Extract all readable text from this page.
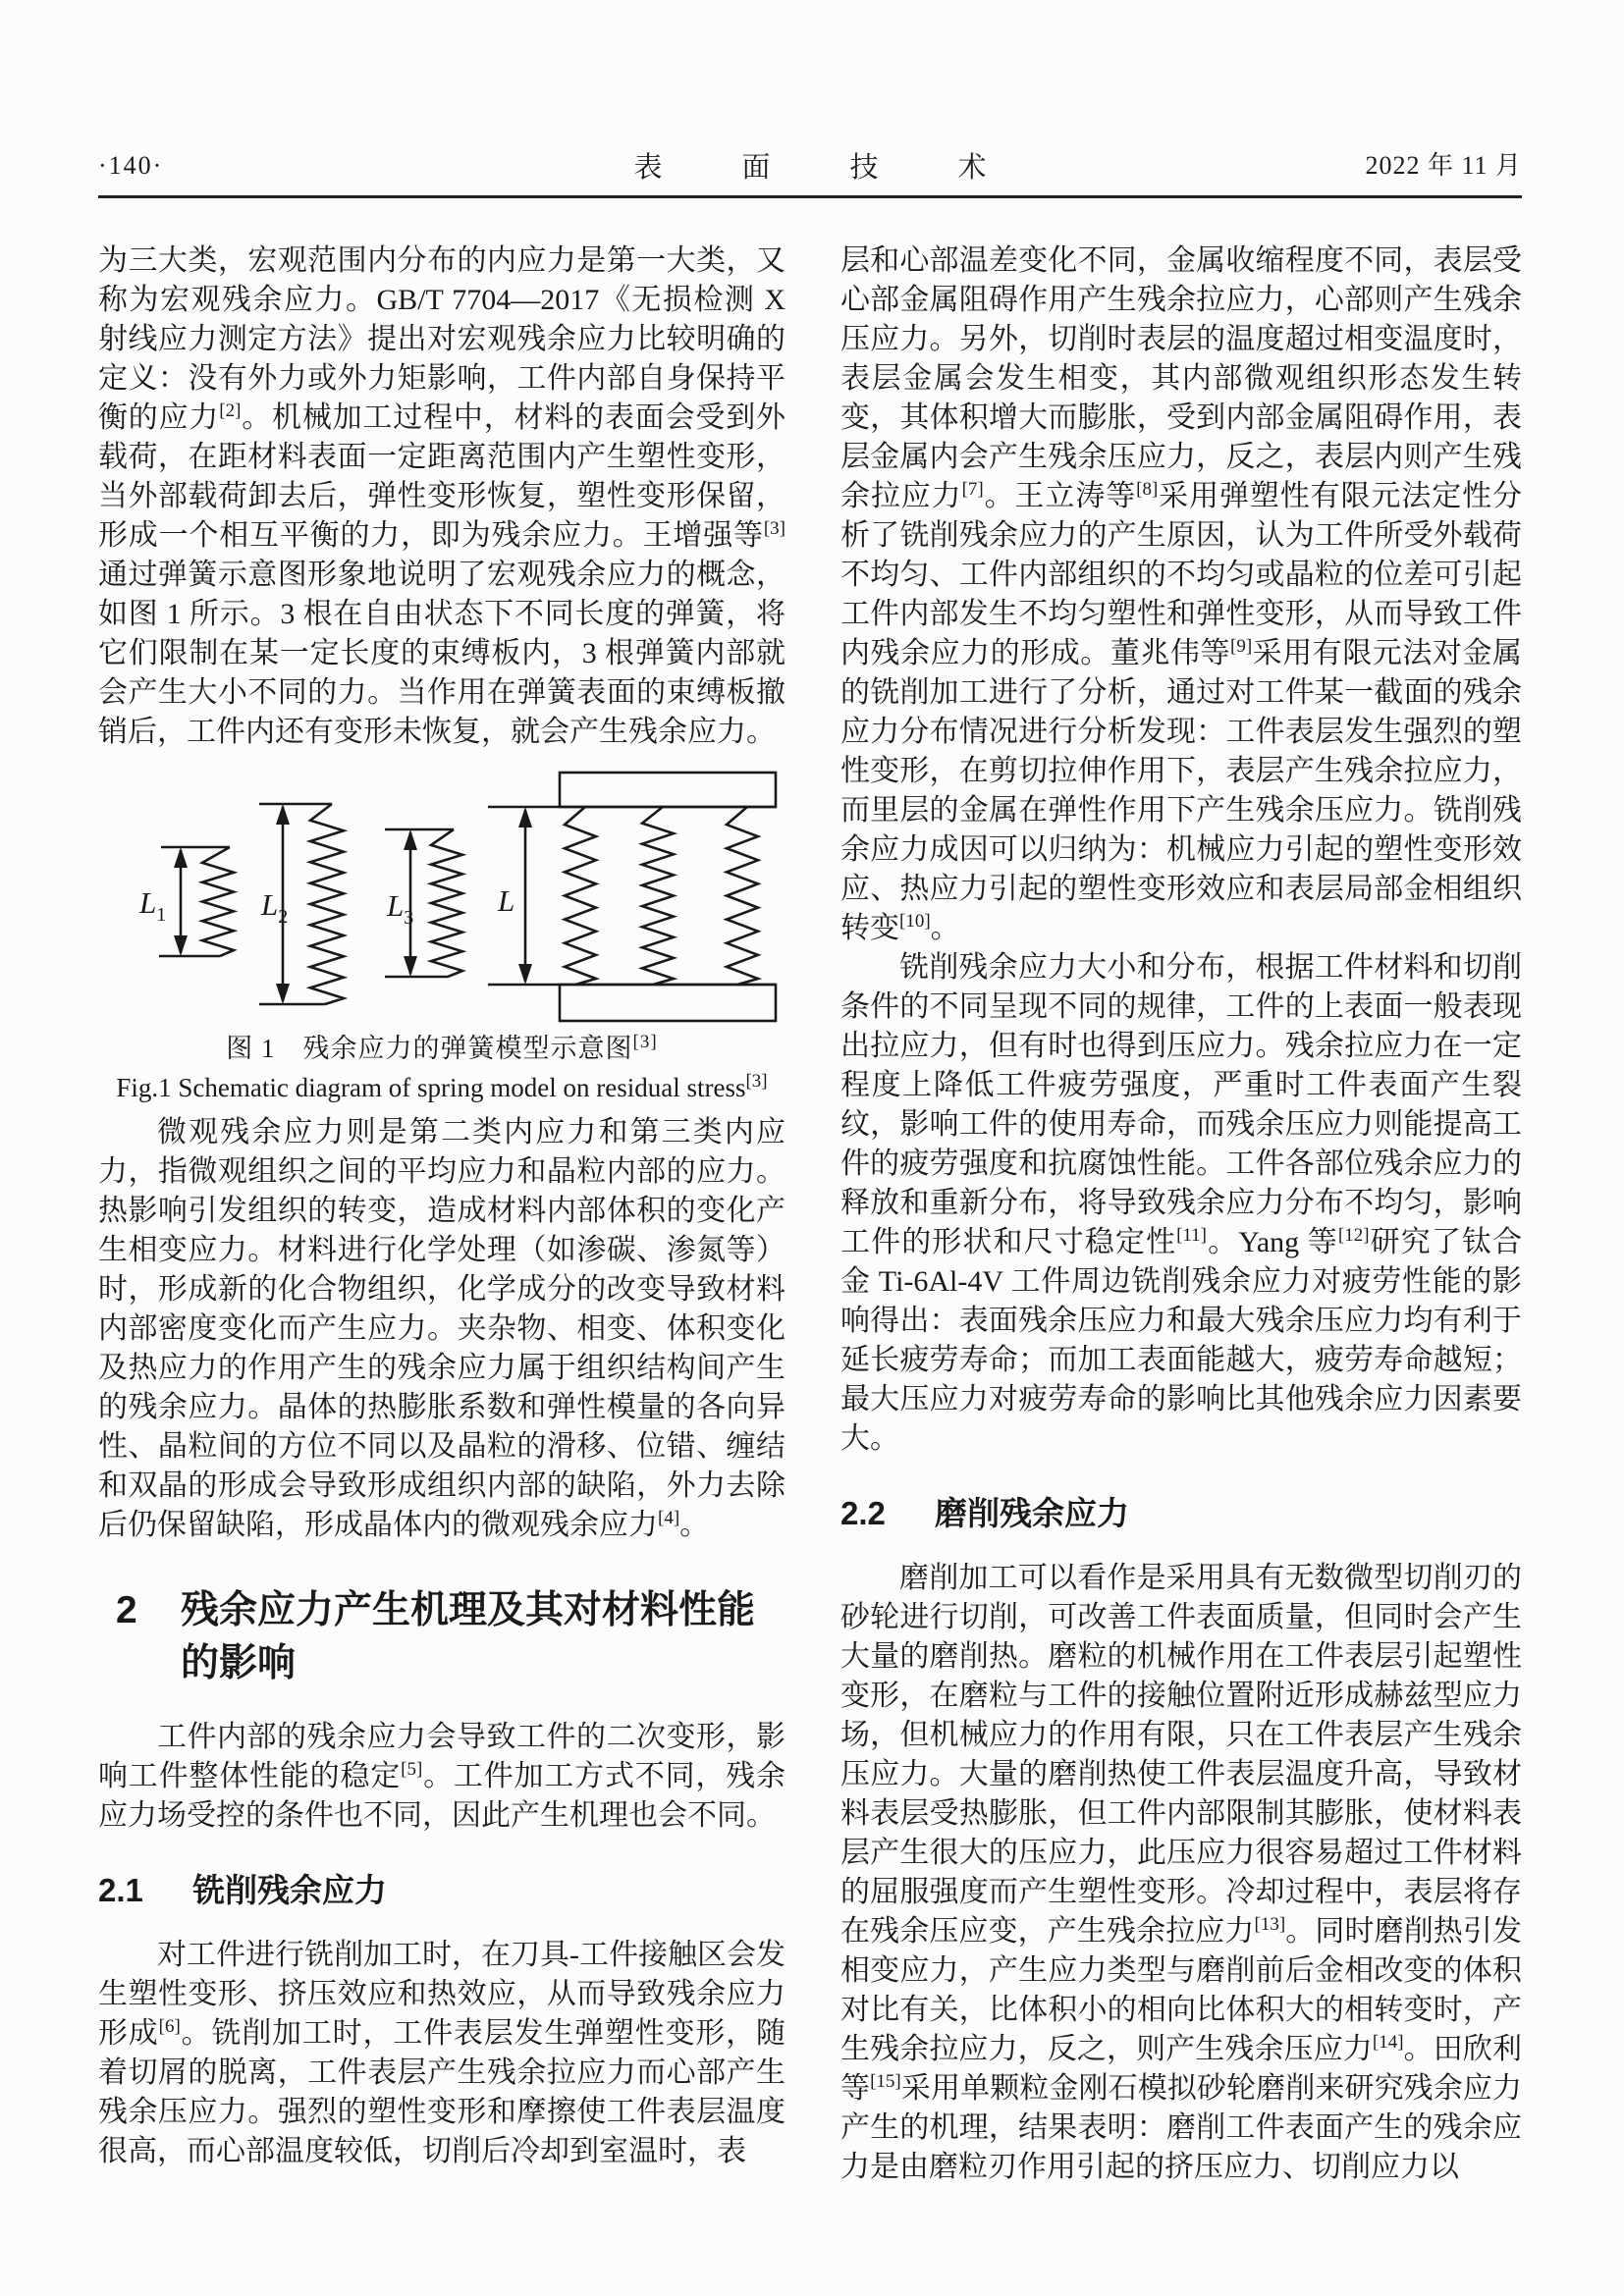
·140·	表　面　技　术	2022 年 11 月

为三大类，宏观范围内分布的内应力是第一大类，又称为宏观残余应力。GB/T 7704—2017《无损检测 X 射线应力测定方法》提出对宏观残余应力比较明确的定义：没有外力或外力矩影响，工件内部自身保持平衡的应力[2]。机械加工过程中，材料的表面会受到外载荷，在距材料表面一定距离范围内产生塑性变形，当外部载荷卸去后，弹性变形恢复，塑性变形保留，形成一个相互平衡的力，即为残余应力。王增强等[3]通过弹簧示意图形象地说明了宏观残余应力的概念，如图 1 所示。3 根在自由状态下不同长度的弹簧，将它们限制在某一定长度的束缚板内，3 根弹簧内部就会产生大小不同的力。当作用在弹簧表面的束缚板撤销后，工件内还有变形未恢复，就会产生残余应力。

$L_1$	$L_2$	$L_3$	L
图 1　残余应力的弹簧模型示意图[3]
Fig.1 Schematic diagram of spring model on residual stress[3]

微观残余应力则是第二类内应力和第三类内应力，指微观组织之间的平均应力和晶粒内部的应力。热影响引发组织的转变，造成材料内部体积的变化产生相变应力。材料进行化学处理（如渗碳、渗氮等）时，形成新的化合物组织，化学成分的改变导致材料内部密度变化而产生应力。夹杂物、相变、体积变化及热应力的作用产生的残余应力属于组织结构间产生的残余应力。晶体的热膨胀系数和弹性模量的各向异性、晶粒间的方位不同以及晶粒的滑移、位错、缠结和双晶的形成会导致形成组织内部的缺陷，外力去除后仍保留缺陷，形成晶体内的微观残余应力[4]。

2	残余应力产生机理及其对材料性能的影响

工件内部的残余应力会导致工件的二次变形，影响工件整体性能的稳定[5]。工件加工方式不同，残余应力场受控的条件也不同，因此产生机理也会不同。

2.1	铣削残余应力

对工件进行铣削加工时，在刀具-工件接触区会发生塑性变形、挤压效应和热效应，从而导致残余应力形成[6]。铣削加工时，工件表层发生弹塑性变形，随着切屑的脱离，工件表层产生残余拉应力而心部产生残余压应力。强烈的塑性变形和摩擦使工件表层温度很高，而心部温度较低，切削后冷却到室温时，表

层和心部温差变化不同，金属收缩程度不同，表层受心部金属阻碍作用产生残余拉应力，心部则产生残余压应力。另外，切削时表层的温度超过相变温度时，表层金属会发生相变，其内部微观组织形态发生转变，其体积增大而膨胀，受到内部金属阻碍作用，表层金属内会产生残余压应力，反之，表层内则产生残余拉应力[7]。王立涛等[8]采用弹塑性有限元法定性分析了铣削残余应力的产生原因，认为工件所受外载荷不均匀、工件内部组织的不均匀或晶粒的位差可引起工件内部发生不均匀塑性和弹性变形，从而导致工件内残余应力的形成。董兆伟等[9]采用有限元法对金属的铣削加工进行了分析，通过对工件某一截面的残余应力分布情况进行分析发现：工件表层发生强烈的塑性变形，在剪切拉伸作用下，表层产生残余拉应力，而里层的金属在弹性作用下产生残余压应力。铣削残余应力成因可以归纳为：机械应力引起的塑性变形效应、热应力引起的塑性变形效应和表层局部金相组织转变[10]。

铣削残余应力大小和分布，根据工件材料和切削条件的不同呈现不同的规律，工件的上表面一般表现出拉应力，但有时也得到压应力。残余拉应力在一定程度上降低工件疲劳强度，严重时工件表面产生裂纹，影响工件的使用寿命，而残余压应力则能提高工件的疲劳强度和抗腐蚀性能。工件各部位残余应力的释放和重新分布，将导致残余应力分布不均匀，影响工件的形状和尺寸稳定性[11]。Yang 等[12]研究了钛合金 Ti-6Al-4V 工件周边铣削残余应力对疲劳性能的影响得出：表面残余压应力和最大残余压应力均有利于延长疲劳寿命；而加工表面能越大，疲劳寿命越短；最大压应力对疲劳寿命的影响比其他残余应力因素要大。

2.2	磨削残余应力

磨削加工可以看作是采用具有无数微型切削刃的砂轮进行切削，可改善工件表面质量，但同时会产生大量的磨削热。磨粒的机械作用在工件表层引起塑性变形，在磨粒与工件的接触位置附近形成赫兹型应力场，但机械应力的作用有限，只在工件表层产生残余压应力。大量的磨削热使工件表层温度升高，导致材料表层受热膨胀，但工件内部限制其膨胀，使材料表层产生很大的压应力，此压应力很容易超过工件材料的屈服强度而产生塑性变形。冷却过程中，表层将存在残余压应变，产生残余拉应力[13]。同时磨削热引发相变应力，产生应力类型与磨削前后金相改变的体积对比有关，比体积小的相向比体积大的相转变时，产生残余拉应力，反之，则产生残余压应力[14]。田欣利等[15]采用单颗粒金刚石模拟砂轮磨削来研究残余应力产生的机理，结果表明：磨削工件表面产生的残余应力是由磨粒刃作用引起的挤压应力、切削应力以
